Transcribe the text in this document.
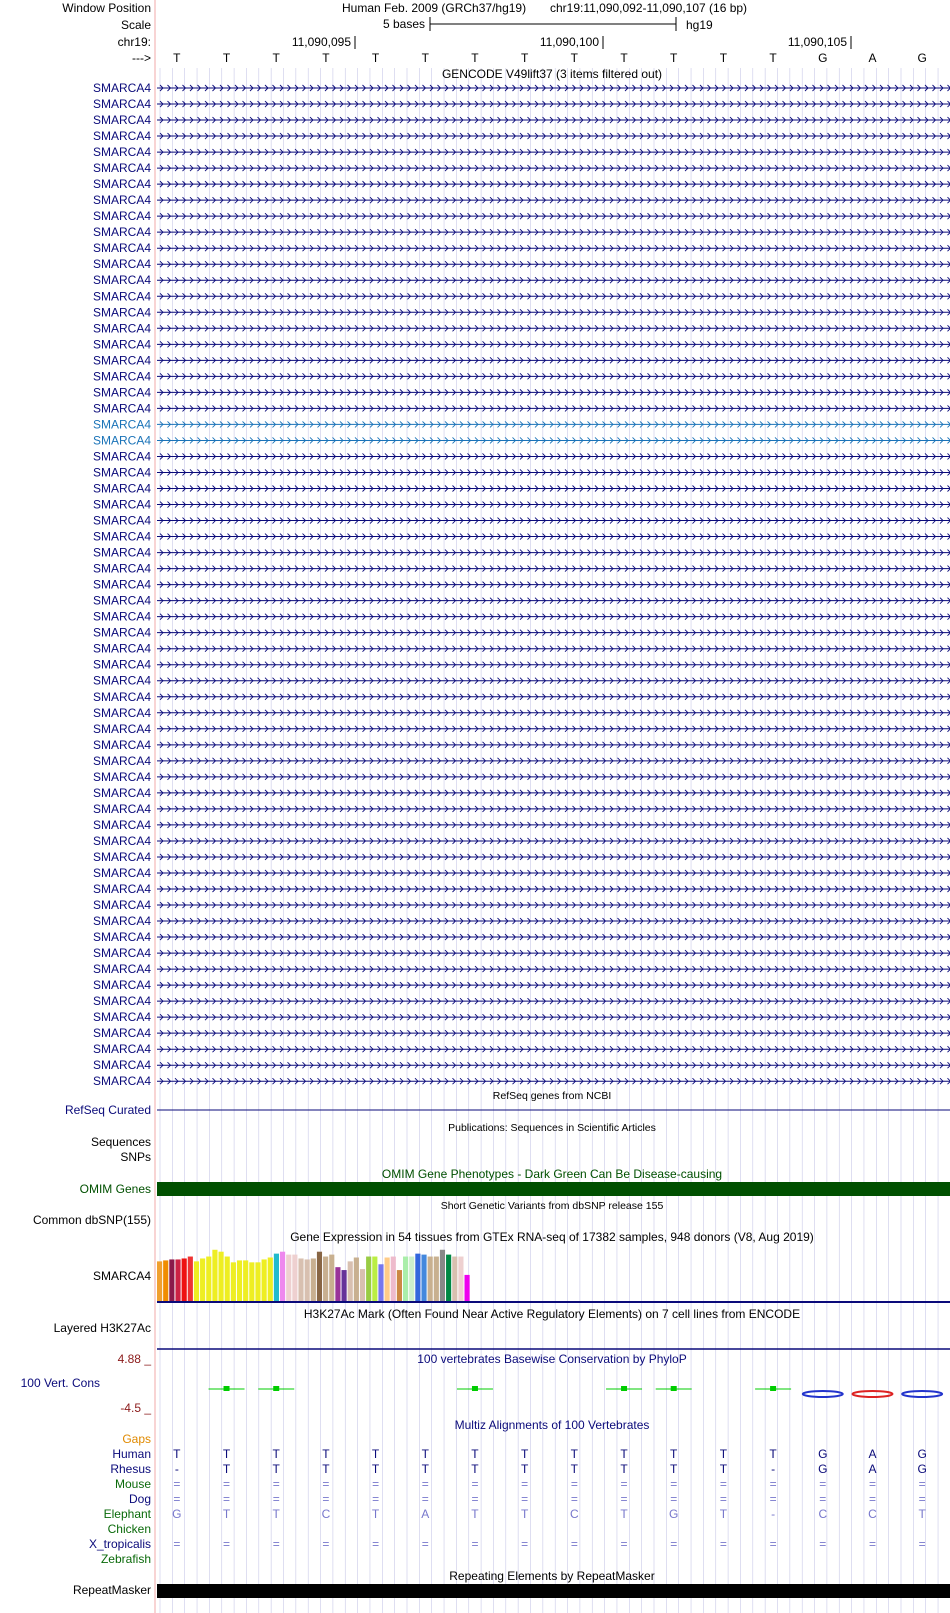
Window Position
Scale
chr19:
--->
Human Feb. 2009 (GRCh37/hg19) chr19:11,090,092-11,090,107 (16 bp)
5 bases	hg19
11,090,095	11,090,100	11,090,105
T	T	T	T	T	T	T	T	T	T	T	T	T	G	A	G
GENCODE V49lift37 (3 items filtered out)
SMARCA4
SMARCA4
SMARCA4
SMARCA4
SMARCA4
SMARCA4
SMARCA4
SMARCA4
SMARCA4
SMARCA4
SMARCA4
SMARCA4
SMARCA4
SMARCA4
SMARCA4
SMARCA4
SMARCA4
SMARCA4
SMARCA4
SMARCA4
SMARCA4
SMARCA4
SMARCA4
SMARCA4
SMARCA4
SMARCA4
SMARCA4
SMARCA4
SMARCA4
SMARCA4
SMARCA4
SMARCA4
SMARCA4
SMARCA4
SMARCA4
SMARCA4
SMARCA4
SMARCA4
SMARCA4
SMARCA4
SMARCA4
SMARCA4
SMARCA4
SMARCA4
SMARCA4
SMARCA4
SMARCA4
SMARCA4
SMARCA4
SMARCA4
SMARCA4
SMARCA4
SMARCA4
SMARCA4
SMARCA4
SMARCA4
SMARCA4
SMARCA4
SMARCA4
SMARCA4
SMARCA4
SMARCA4
SMARCA4
RefSeq genes from NCBI
RefSeq Curated
Publications: Sequences in Scientific Articles
Sequences
SNPs
OMIM Gene Phenotypes - Dark Green Can Be Disease-causing
OMIM Genes
Short Genetic Variants from dbSNP release 155
Common dbSNP(155)
Gene Expression in 54 tissues from GTEx RNA-seq of 17382 samples, 948 donors (V8, Aug 2019)
SMARCA4
H3K27Ac Mark (Often Found Near Active Regulatory Elements) on 7 cell lines from ENCODE
Layered H3K27Ac
100 vertebrates Basewise Conservation by PhyloP
4.88 _
100 Vert. Cons
-4.5 _
Multiz Alignments of 100 Vertebrates
Gaps
Human T	T	T	T	T	T	T	T	T	T	T	T	T	G	A	G
Rhesus -	T	T	T	T	T	T	T	T	T	T	T	-	G	A	G
Mouse =	=	=	=	=	=	=	=	=	=	=	=	=	=	=	=
Dog =	=	=	=	=	=	=	=	=	=	=	=	=	=	=	=
Elephant G	T	T	C	T	A	T	T	C	T	G	T	-	C	C	T
Chicken
X_tropicalis =	=	=	=	=	=	=	=	=	=	=	=	=	=	=	=
Zebrafish
Repeating Elements by RepeatMasker
RepeatMasker
